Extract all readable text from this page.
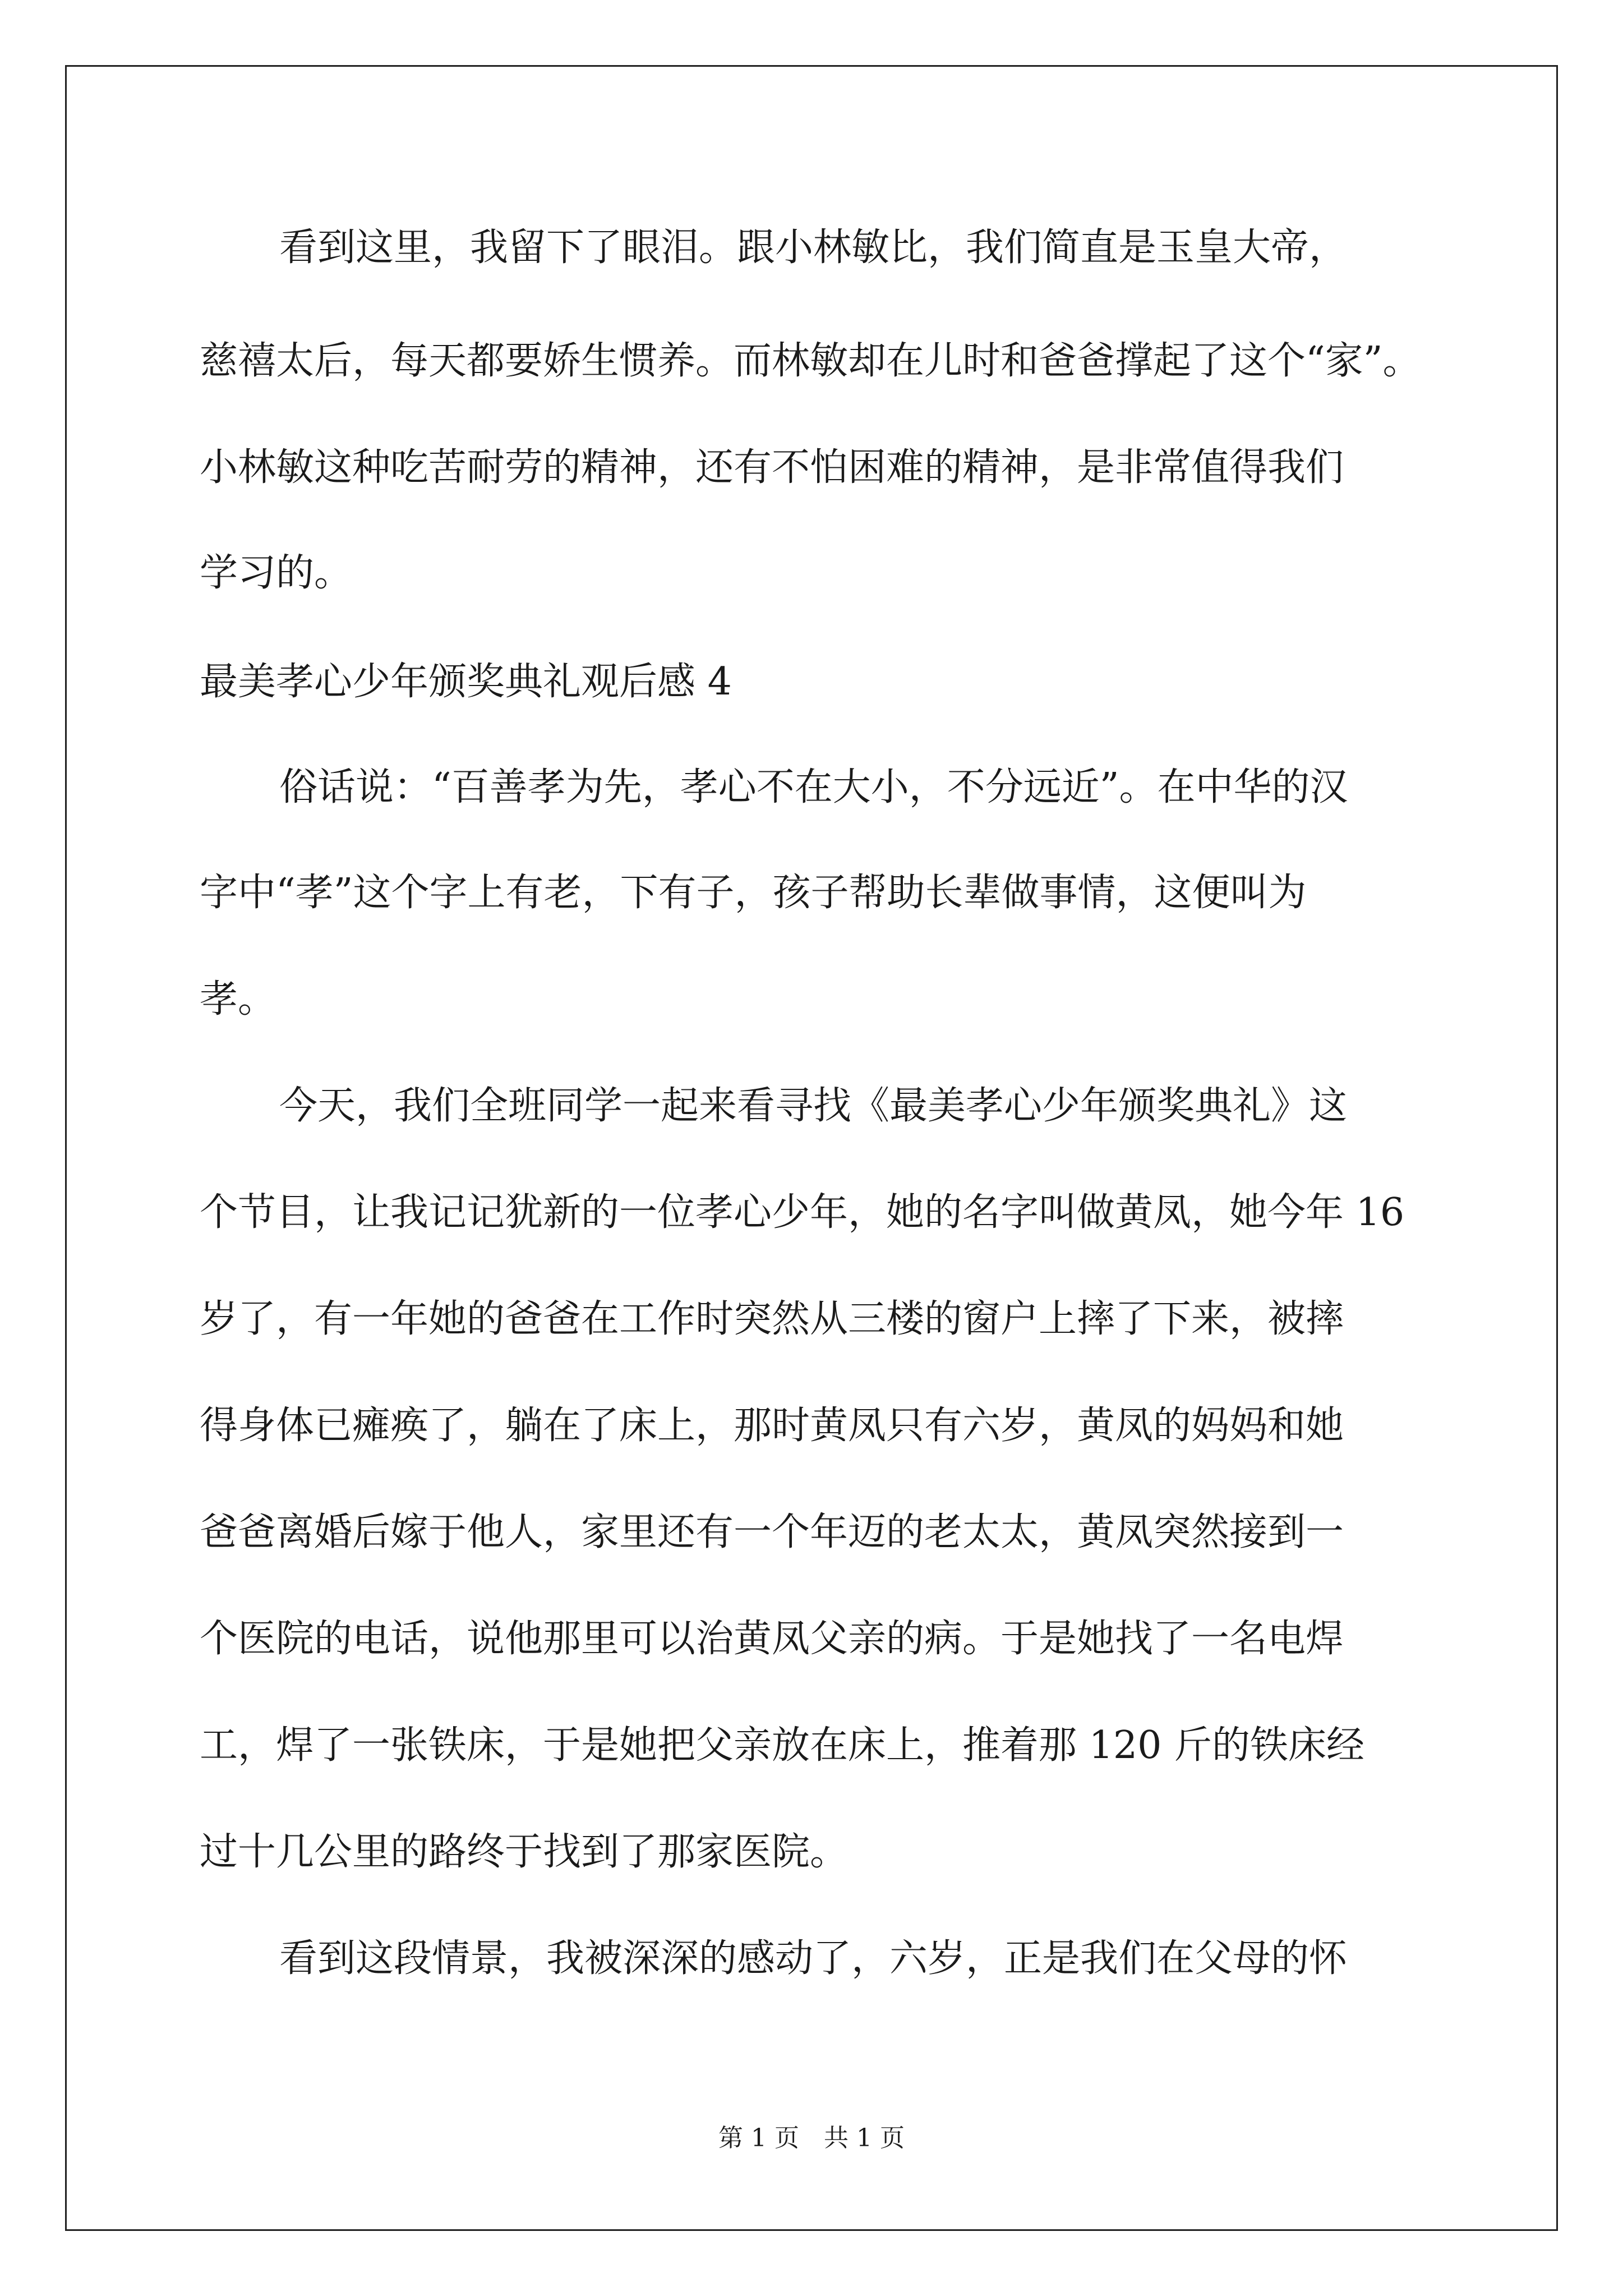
看到这里，我留下了眼泪。跟小林敏比，我们简直是玉皇大帝，
慈禧太后，每天都要娇生惯养。而林敏却在儿时和爸爸撑起了这个“家”。
小林敏这种吃苦耐劳的精神，还有不怕困难的精神，是非常值得我们
学习的。
最美孝心少年颁奖典礼观后感 4
俗话说：“百善孝为先，孝心不在大小，不分远近”。在中华的汉
字中“孝”这个字上有老，下有子，孩子帮助长辈做事情，这便叫为
孝。
今天，我们全班同学一起来看寻找《最美孝心少年颁奖典礼》这
个节目，让我记记犹新的一位孝心少年，她的名字叫做黄凤，她今年 16
岁了，有一年她的爸爸在工作时突然从三楼的窗户上摔了下来，被摔
得身体已瘫痪了，躺在了床上，那时黄凤只有六岁，黄凤的妈妈和她
爸爸离婚后嫁于他人，家里还有一个年迈的老太太，黄凤突然接到一
个医院的电话，说他那里可以治黄凤父亲的病。于是她找了一名电焊
工，焊了一张铁床，于是她把父亲放在床上，推着那 120 斤的铁床经
过十几公里的路终于找到了那家医院。
看到这段情景，我被深深的感动了，六岁，正是我们在父母的怀
第 1 页　共 1 页
